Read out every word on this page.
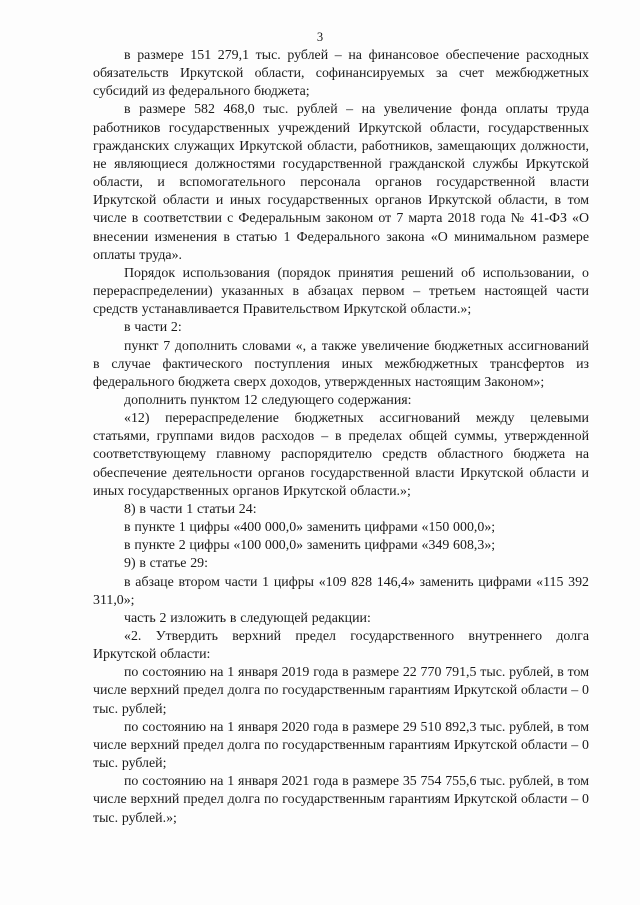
3

в размере 151 279,1 тыс. рублей – на финансовое обеспечение расходных обязательств Иркутской области, софинансируемых за счет межбюджетных субсидий из федерального бюджета;

в размере 582 468,0 тыс. рублей – на увеличение фонда оплаты труда работников государственных учреждений Иркутской области, государственных гражданских служащих Иркутской области, работников, замещающих должности, не являющиеся должностями государственной гражданской службы Иркутской области, и вспомогательного персонала органов государственной власти Иркутской области и иных государственных органов Иркутской области, в том числе в соответствии с Федеральным законом от 7 марта 2018 года № 41-ФЗ «О внесении изменения в статью 1 Федерального закона «О минимальном размере оплаты труда».

Порядок использования (порядок принятия решений об использовании, о перераспределении) указанных в абзацах первом – третьем настоящей части средств устанавливается Правительством Иркутской области.»;

в части 2:

пункт 7 дополнить словами «, а также увеличение бюджетных ассигнований в случае фактического поступления иных межбюджетных трансфертов из федерального бюджета сверх доходов, утвержденных настоящим Законом»;

дополнить пунктом 12 следующего содержания:

«12) перераспределение бюджетных ассигнований между целевыми статьями, группами видов расходов – в пределах общей суммы, утвержденной соответствующему главному распорядителю средств областного бюджета на обеспечение деятельности органов государственной власти Иркутской области и иных государственных органов Иркутской области.»;

8) в части 1 статьи 24:

в пункте 1 цифры «400 000,0» заменить цифрами «150 000,0»;

в пункте 2 цифры «100 000,0» заменить цифрами «349 608,3»;

9) в статье 29:

в абзаце втором части 1 цифры «109 828 146,4» заменить цифрами «115 392 311,0»;

часть 2 изложить в следующей редакции:

«2. Утвердить верхний предел государственного внутреннего долга Иркутской области:

по состоянию на 1 января 2019 года в размере 22 770 791,5 тыс. рублей, в том числе верхний предел долга по государственным гарантиям Иркутской области – 0 тыс. рублей;

по состоянию на 1 января 2020 года в размере 29 510 892,3 тыс. рублей, в том числе верхний предел долга по государственным гарантиям Иркутской области – 0 тыс. рублей;

по состоянию на 1 января 2021 года в размере 35 754 755,6 тыс. рублей, в том числе верхний предел долга по государственным гарантиям Иркутской области – 0 тыс. рублей.»;
